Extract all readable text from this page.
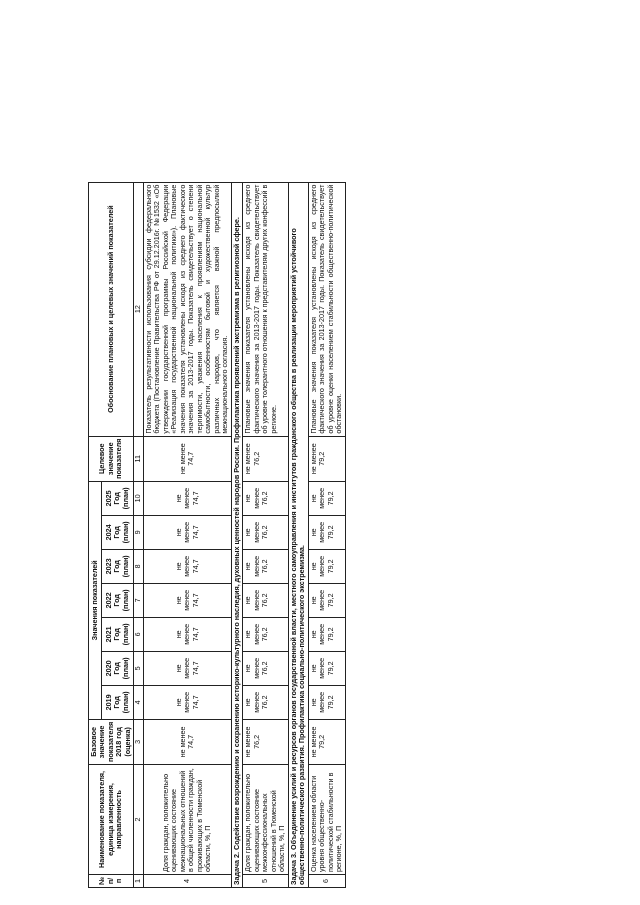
№ п/п	Наименование показателя, единица измерения, направленность	Базовое значение показателя 2018 год (оценка)	Значения показателей							Целевое значение показателя	Обоснование плановых и целевых значений показателей
			2019 Год (план)	2020 Год (план)	2021 Год (план)	2022 Год (план)	2023 Год (план)	2024 Год (план)	2025 Год (план)		
1	2	3	4	5	6	7	8	9	10	11	12
4	Доля граждан, положительно оценивающих состояние межнациональных отношений в общей численности граждан, проживающих в Тюменской области, %, П	не менее 74,7	не менее 74,7	не менее 74,7	не менее 74,7	не менее 74,7	не менее 74,7	не менее 74,7	не менее 74,7	не менее 74,7	Показатель результативности использования субсидии федерального бюджета (Постановление Правительства РФ от 29.12.2016г. №1532 «Об утверждении государственной программы Российской Федерации «Реализация государственной национальной политики»). Плановые значения показателя установлены исходя из среднего фактического значения за 2013-2017 годы. Показатель свидетельствует о степени терпимости, уважения населения к проявлениям национальной самобытности, особенностям бытовой и художественной культур различных народов, что является важной предпосылкой межнационального согласия.
Задача 2. Содействие возрождению и сохранению историко-культурного наследия, духовных ценностей народов России. Профилактика проявлений экстремизма в религиозной сфере.											
5	Доля граждан, положительно оценивающих состояние межконфессиональных отношений в Тюменской области, %, П	не менее 76,2	не менее 76,2	не менее 76,2	не менее 76,2	не менее 76,2	не менее 76,2	не менее 76,2	не менее 76,2	не менее 76,2	Плановые значения показателя установлены исходя из среднего фактического значения за 2013-2017 годы. Показатель свидетельствует об уровне толерантного отношения к представителям других конфессий в регионе.
Задача 3. Объединение усилий и ресурсов органов государственной власти, местного самоуправления и институтов гражданского общества в реализации мероприятий устойчивого общественно-политического развития. Профилактика социально-политического экстремизма.											
6	Оценка населением области уровня общественно-политической стабильности в регионе, %, П	не менее 79,2	не менее 79,2	не менее 79,2	не менее 79,2	не менее 79,2	не менее 79,2	не менее 79,2	не менее 79,2	не менее 79,2	Плановые значения показателя установлены исходя из среднего фактического значения за 2013-2017 годы. Показатель свидетельствует об уровне оценки населением стабильности общественно-политической обстановки.
